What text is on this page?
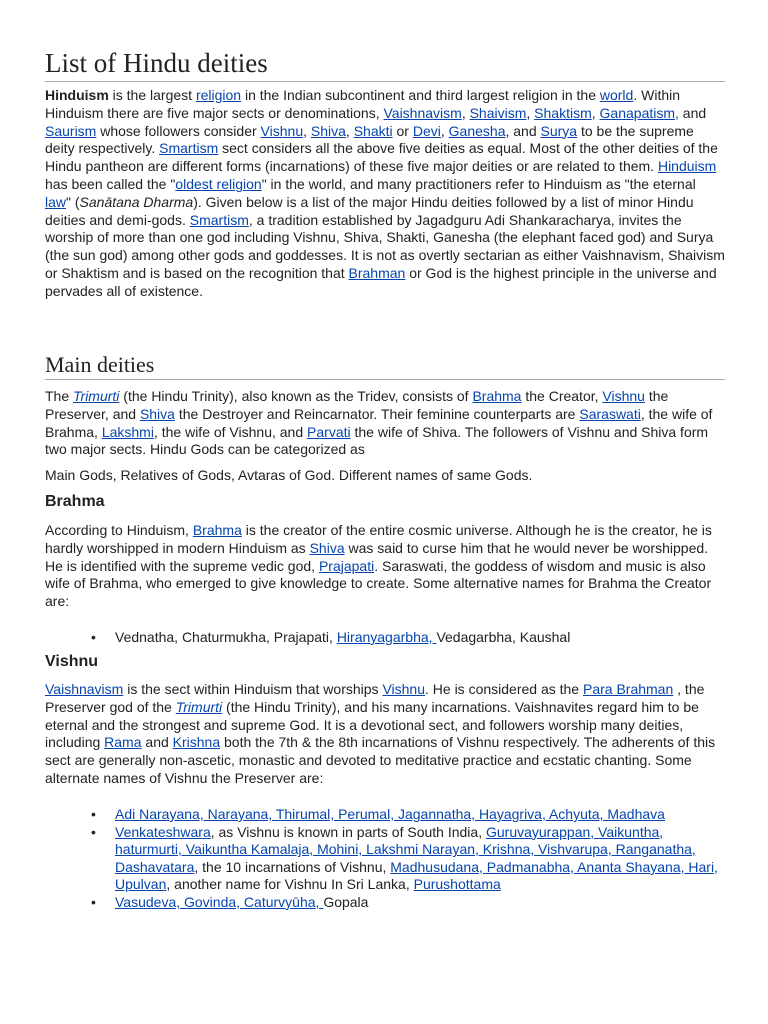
List of Hindu deities

Hinduism is the largest religion in the Indian subcontinent and third largest religion in the world. Within Hinduism there are five major sects or denominations, Vaishnavism, Shaivism, Shaktism, Ganapatism, and Saurism whose followers consider Vishnu, Shiva, Shakti or Devi, Ganesha, and Surya to be the supreme deity respectively. Smartism sect considers all the above five deities as equal. Most of the other deities of the Hindu pantheon are different forms (incarnations) of these five major deities or are related to them. Hinduism has been called the "oldest religion" in the world, and many practitioners refer to Hinduism as "the eternal law" (Sanātana Dharma). Given below is a list of the major Hindu deities followed by a list of minor Hindu deities and demi-gods. Smartism, a tradition established by Jagadguru Adi Shankaracharya, invites the worship of more than one god including Vishnu, Shiva, Shakti, Ganesha (the elephant faced god) and Surya (the sun god) among other gods and goddesses. It is not as overtly sectarian as either Vaishnavism, Shaivism or Shaktism and is based on the recognition that Brahman or God is the highest principle in the universe and pervades all of existence.

Main deities

The Trimurti (the Hindu Trinity), also known as the Tridev, consists of Brahma the Creator, Vishnu the Preserver, and Shiva the Destroyer and Reincarnator. Their feminine counterparts are Saraswati, the wife of Brahma, Lakshmi, the wife of Vishnu, and Parvati the wife of Shiva. The followers of Vishnu and Shiva form two major sects. Hindu Gods can be categorized as

Main Gods, Relatives of Gods, Avtaras of God. Different names of same Gods.

Brahma

According to Hinduism, Brahma is the creator of the entire cosmic universe. Although he is the creator, he is hardly worshipped in modern Hinduism as Shiva was said to curse him that he would never be worshipped. He is identified with the supreme vedic god, Prajapati. Saraswati, the goddess of wisdom and music is also wife of Brahma, who emerged to give knowledge to create. Some alternative names for Brahma the Creator are:

• Vednatha, Chaturmukha, Prajapati, Hiranyagarbha, Vedagarbha, Kaushal
Vishnu

Vaishnavism is the sect within Hinduism that worships Vishnu. He is considered as the Para Brahman , the Preserver god of the Trimurti (the Hindu Trinity), and his many incarnations. Vaishnavites regard him to be eternal and the strongest and supreme God. It is a devotional sect, and followers worship many deities, including Rama and Krishna both the 7th & the 8th incarnations of Vishnu respectively. The adherents of this sect are generally non-ascetic, monastic and devoted to meditative practice and ecstatic chanting. Some alternate names of Vishnu the Preserver are:

• Adi Narayana, Narayana, Thirumal, Perumal, Jagannatha, Hayagriva, Achyuta, Madhava
• Venkateshwara, as Vishnu is known in parts of South India, Guruvayurappan, Vaikuntha, haturmurti, Vaikuntha Kamalaja, Mohini, Lakshmi Narayan, Krishna, Vishvarupa, Ranganatha, Dashavatara, the 10 incarnations of Vishnu, Madhusudana, Padmanabha, Ananta Shayana, Hari, Upulvan, another name for Vishnu In Sri Lanka, Purushottama
• Vasudeva, Govinda, Caturvyūha, Gopala
